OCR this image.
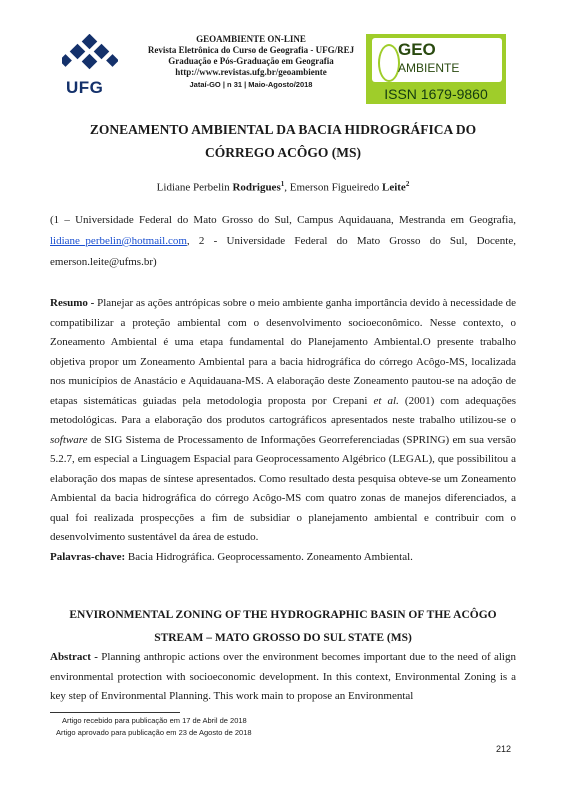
UFG
GEOAMBIENTE ON-LINE
Revista Eletrônica do Curso de Geografia - UFG/REJ
Graduação e Pós-Graduação em Geografia
http://www.revistas.ufg.br/geoambiente
Jataí-GO | n 31 | Maio-Agosto/2018
GEO
AMBIENTE
ISSN 1679-9860
ZONEAMENTO AMBIENTAL DA BACIA HIDROGRÁFICA DO
CÓRREGO ACÔGO (MS)
Lidiane Perbelin Rodrigues$^1$, Emerson Figueiredo Leite$^2$
(1 – Universidade Federal do Mato Grosso do Sul, Campus Aquidauana, Mestranda em Geografia, lidiane_perbelin@hotmail.com, 2 - Universidade Federal do Mato Grosso do Sul, Docente, emerson.leite@ufms.br)

Resumo - Planejar as ações antrópicas sobre o meio ambiente ganha importância devido à necessidade de compatibilizar a proteção ambiental com o desenvolvimento socioeconômico. Nesse contexto, o Zoneamento Ambiental é uma etapa fundamental do Planejamento Ambiental.O presente trabalho objetiva propor um Zoneamento Ambiental para a bacia hidrográfica do córrego Acôgo-MS, localizada nos municípios de Anastácio e Aquidauana-MS. A elaboração deste Zoneamento pautou-se na adoção de etapas sistemáticas guiadas pela metodologia proposta por Crepani et al. (2001) com adequações metodológicas. Para a elaboração dos produtos cartográficos apresentados neste trabalho utilizou-se o software de SIG Sistema de Processamento de Informações Georreferenciadas (SPRING) em sua versão 5.2.7, em especial a Linguagem Espacial para Geoprocessamento Algébrico (LEGAL), que possibilitou a elaboração dos mapas de síntese apresentados. Como resultado desta pesquisa obteve-se um Zoneamento Ambiental da bacia hidrográfica do córrego Acôgo-MS com quatro zonas de manejos diferenciados, a qual foi realizada prospecções a fim de subsidiar o planejamento ambiental e contribuir com o desenvolvimento sustentável da área de estudo.

Palavras-chave: Bacia Hidrográfica. Geoprocessamento. Zoneamento Ambiental.

ENVIRONMENTAL ZONING OF THE HYDROGRAPHIC BASIN OF THE ACÔGO
STREAM – MATO GROSSO DO SUL STATE (MS)

Abstract - Planning anthropic actions over the environment becomes important due to the need of align environmental protection with socioeconomic development. In this context, Environmental Zoning is a key step of Environmental Planning. This work main to propose an Environmental

Artigo recebido para publicação em 17 de Abril de 2018
Artigo aprovado para publicação em 23 de Agosto de 2018
212
